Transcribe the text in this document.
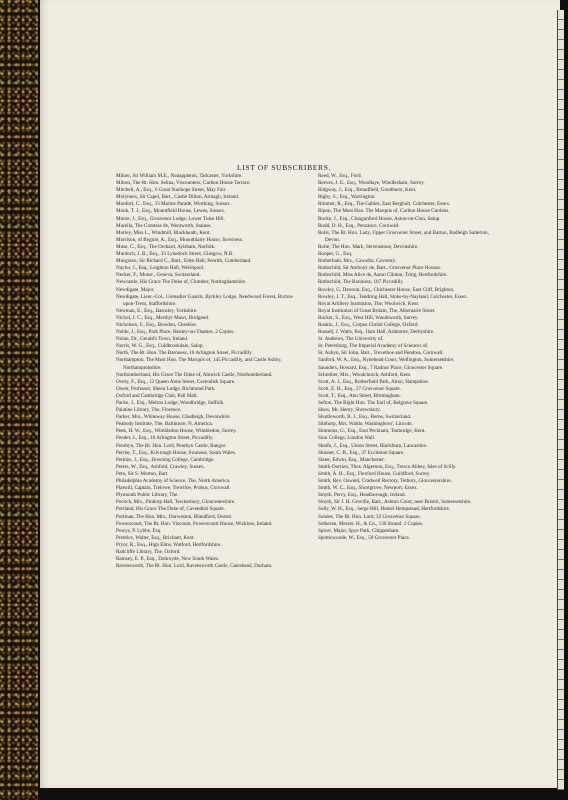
LIST OF SUBSCRIBERS.

Milner, Sir William M.E., Nunappleton, Tadcaster, Yorkshire.

Milton, The Rt. Hon. Selina, Viscountess, Carlton House Terrace.

Mitchell, A., Esq., 6 Great Stanhope Street, May Fair.

Molyneux, Sir Capel, Bart., Castle Dillon, Armagh, Ireland.

Monfort, C., Esq., 33 Marine Parade, Worthing, Sussex.

Monk, T. J., Esq., Mountfield House, Lewes, Sussex.

Moore, J., Esq., Grosvenor Lodge, Lower Tulse Hill.

Morella, The Comtess de, Wentworth, Staines.

Morley, Miss L., Windmill, Blackheath, Kent.

Morrison, of Bognie, A., Esq., Mountblairy House, Inverness.

Muse, C., Esq., The Orchard, Aylsham, Norfolk.

Murdoch, J. B., Esq., 33 Lynedoch Street, Glasgow, N.B.

Musgrave, Sir Richard C., Bart., Eden Hall, Penrith, Cumberland.

Naylor, J., Esq., Leighton Hall, Welshpool.

Necker, F., Monsr., Geneva, Switzerland.

Newcastle, His Grace The Duke of, Clumber, Nottinghamshire.

Newdigate, Major.

Newdigate, Lieut.-Col., Grenadier Guards, Byrkley Lodge, Needwood Forest, Burton-upon-Trent, Staffordshire.

Newman, E., Esq., Barnsley, Yorkshire.

Nichol, J. C., Esq., Merthyr Mawr, Bridgend.

Nicholson, F., Esq., Bowdon, Cheshire.

Noble, J., Esq., Park Place, Henley-on-Thames. 2 Copies.

Nolan, Dr., Gerald's Town, Ireland.

Norris, W. G., Esq., Coldbrookdale, Salop.

North, The Rt. Hon. The Baroness, 16 Arlington Street, Piccadilly.

Northampton, The Most Hon. The Marquis of, 145 Piccadilly, and Castle Ashby, Northamptonshire.

Northumberland, His Grace The Duke of, Alnwick Castle, Northumberland.

Overy, F., Esq., 12 Queen Anne Street, Cavendish Square.

Owen, Professor, Sheen Lodge, Richmond Park.

Oxford and Cambridge Club, Pall Mall.

Packe, J., Esq., Melton Lodge, Woodbridge, Suffolk.

Palatine Library, The, Florence.

Parker, Mrs., Whiteway House, Chudleigh, Devonshire.

Peabody Institute, The, Baltimore, N. America.

Peek, H. W., Esq., Wimbledon House, Wimbledon, Surrey.

Pender, J., Esq., 18 Arlington Street, Piccadilly.

Penrhyn, The Rt. Hon. Lord, Penrhyn Castle, Bangor.

Perrier, T., Esq., Kilvrough House, Swansea, South Wales.

Perkins, J., Esq., Downing College, Cambridge.

Peters, W., Esq., Ashfold, Crawley, Sussex.

Peto, Sir S. Morton, Bart.

Philadelphia Academy of Science, The, North America.

Platwill, Captain, Trelowe, Trewlloe, Probus, Cornwall.

Plymouth Public Library, The.

Pocock, Mrs., Pinhorp Hall, Tewkesbury, Gloucestershire.

Portland, His Grace The Duke of, Cavendish Square.

Portman, The Hon. Mrs., Durweston, Blandford, Dorset.

Powerscourt, The Rt. Hon. Viscount, Powerscourt House, Wicklow, Ireland.

Powys, P. Lybbe, Esq.

Prentice, Walter, Esq., Brixham, Kent.

Pryor, R., Esq., High Elms, Watford, Hertfordshire.

Radcliffe Library, The, Oxford.

Ramsey, E. P., Esq., Dobroyde, New South Wales.

Ravensworth, The Rt. Hon. Lord, Ravensworth Castle, Gateshead, Durham.

Reed, W., Esq., Ford.

Reeves, J. E., Esq., Woodlaye, Windlesham, Surrey.

Ridgway, J., Esq., Broadfield, Goudhurst, Kent.

Rigby, S., Esq., Warrington.

Rimmer, R., Esq., The Gables, East Bergholt, Colchester, Essex.

Ripon, The Most Hon. The Marquis of, Carlton House Gardens.

Rocke, J., Esq., Clungunford House, Aston-on-Clun, Salop.

Rodd, D. H., Esq., Penzance, Cornwall.

Rolls, The Rt. Hon. Lady, Upper Grosvenor Street, and Barton, Radleigh Salterton, Devon.

Rolle, The Hon. Mark, Stevenstone, Devonshire.

Rooper, G., Esq.

Rotherham, Mrs., Cawsdra, Coventry.

Rothschild, Sir Anthony de, Bart., Grosvenor Place Houses.

Rothschild, Miss Alice de, Aston Clinton, Tring, Hertfordshire.

Rothschild, The Baroness, 107 Piccadilly.

Rowley, G. Dawson, Esq., Chichester House, East Cliff, Brighton.

Rowley, J. T., Esq., Tendring Hall, Stoke-by-Nayland, Colchester, Essex.

Royal Artillery Institution, The, Woolwich, Kent.

Royal Institution of Great Britain, The, Albemarle Street.

Rucker, S., Esq., West Hill, Wandsworth, Surrey.

Ruskin, J., Esq., Corpus Christi College, Oxford.

Russell, J. Watts, Esq., Ilam Hall, Ashborne, Derbyshire.

St. Andrews, The University of.

St. Petersburg, The Imperial Academy of Sciences of.

St. Aubyn, Sir John, Bart., Trevethoe and Pendrea, Cornwall.

Sanford, W. A., Esq., Nynehead Court, Wellington, Somersetshire.

Saunders, Howard, Esq., 7 Radnor Place, Gloucester Square.

Schreiber, Mrs., Woodchurch, Ashford, Kent.

Scott, A. J., Esq., Rotherfield Park, Alton, Hampshire.

Scott, E. H., Esq., 27 Grosvenor Square.

Scott, T., Esq., Ann Street, Birmingham.

Sefton, The Right Hon. The Earl of, Belgrave Square.

Shaw, Mr. Henry, Shrewsbury.

Shuttleworth, B. J., Esq., Berne, Switzerland.

Sibthorp, Mrs. Waldo, Washingboro', Lincoln.

Simmons, G., Esq., East Peckham, Tonbridge, Kent.

Sion College, London Wall.

Skaife, J., Esq., Union Street, Blackburn, Lancashire.

Skinner, C. B., Esq., 37 Eccleston Square.

Slater, Edwin, Esq., Manchester.

Smith-Dorrien, Thos. Algernon, Esq., Tresco Abbey, Isles of Scilly.

Smith, A. H., Esq., Flexford House, Guildford, Surrey.

Smith, Rev. Oswald, Cradwell Rectory, Tetbury, Gloucestershire.

Smith, W. C., Esq., Shortgrove, Newport, Essex.

Smyth, Percy, Esq., Headborough, Ireland.

Smyth, Sir J. H. Greville, Bart., Ashton Court, near Bristol, Somersetshire.

Solly, W. H., Esq., Serge Hill, Hemel Hempstead, Hertfordshire.

Sondes, The Rt. Hon. Lord, 32 Grosvenor Square.

Sotheran, Messrs. H., & Co., 136 Strand. 2 Copies.

Spicer, Major, Spye Park, Chippenham.

Spottiswoode, W., Esq., 50 Grosvenor Place.
